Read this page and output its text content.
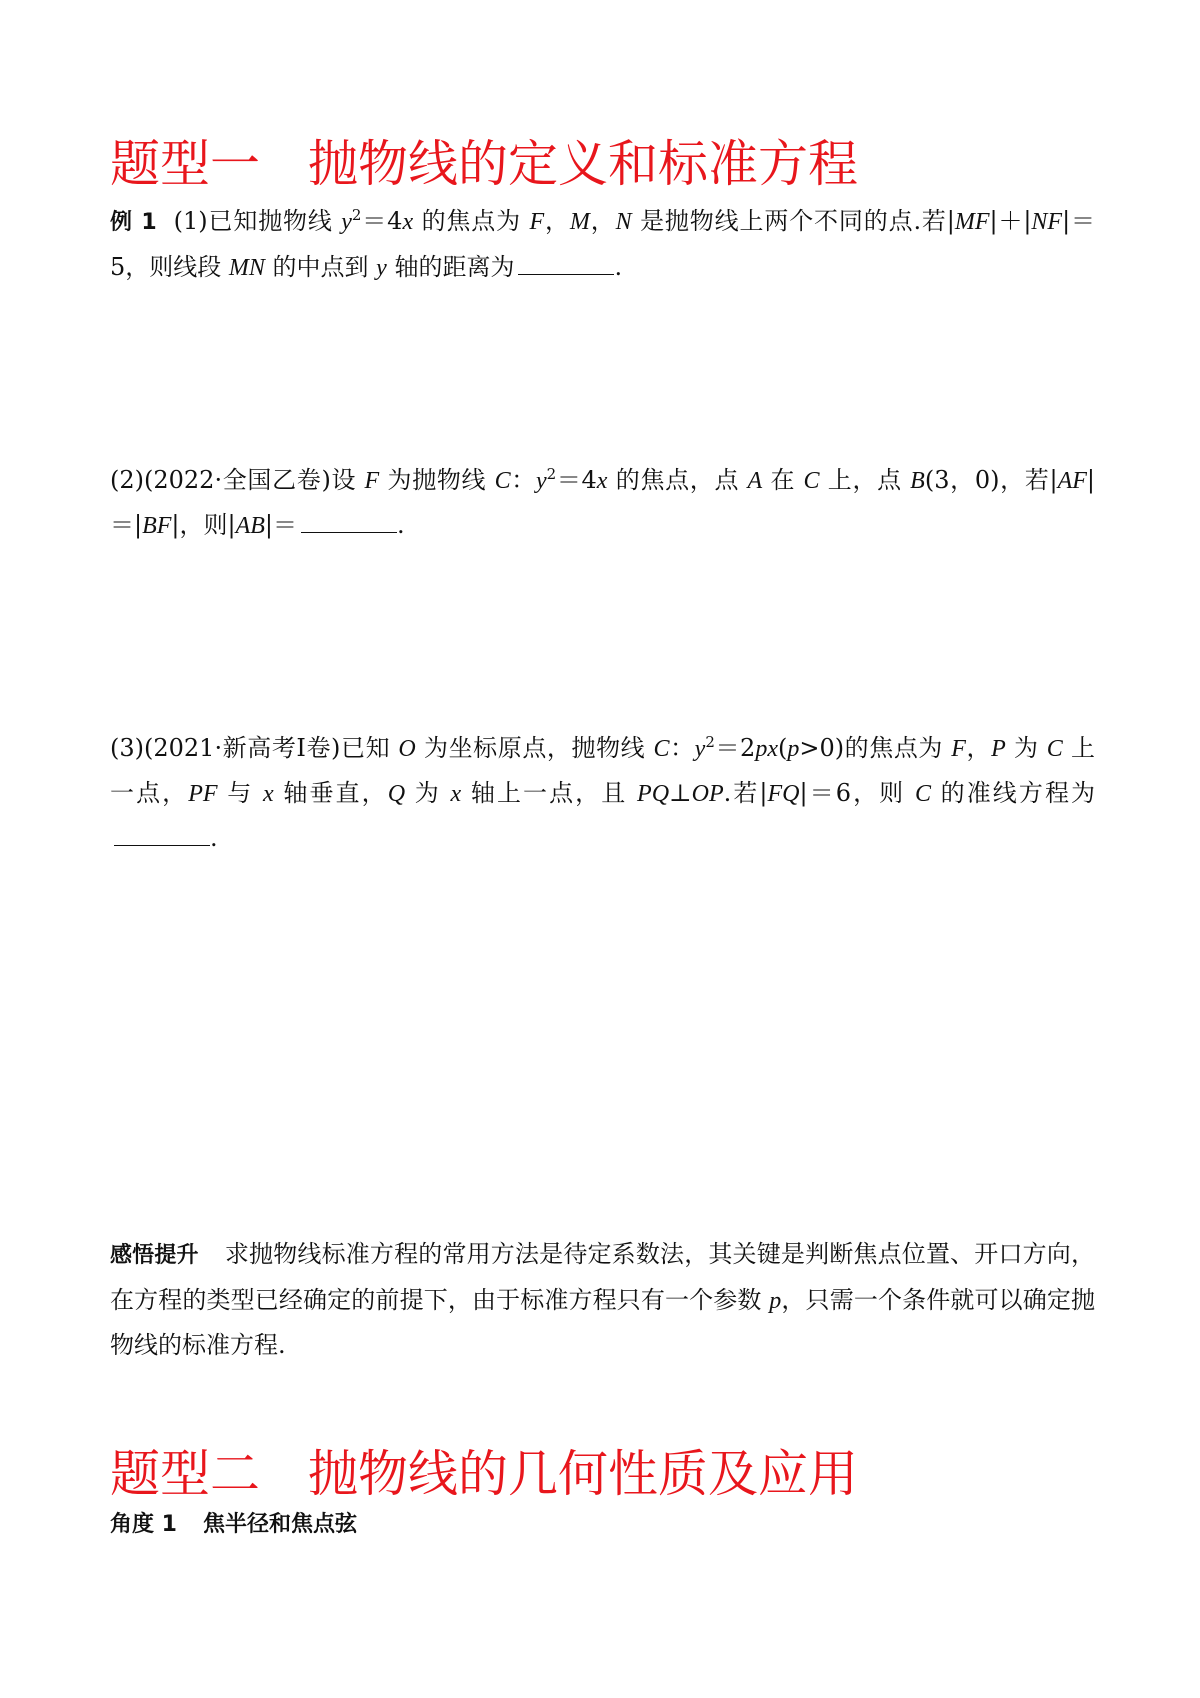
题型一 抛物线的定义和标准方程

例 1 (1)已知抛物线 $y^2=4x$ 的焦点为 F，M，N 是抛物线上两个不同的点.若|MF|＋|NF|＝5，则线段 MN 的中点到 y 轴的距离为	.

(2)(2022·全国乙卷)设 F 为抛物线 C：$y^2=4x$ 的焦点，点 A 在 C 上，点 B(3，0)，若|AF|＝|BF|，则|AB|＝	.

(3)(2021·新高考Ⅰ卷)已知 O 为坐标原点，抛物线 C：$y^2=2px(p>0)$的焦点为 F，P 为 C 上一点，PF 与 x 轴垂直，Q 为 x 轴上一点，且 PQ⊥OP.若|FQ|＝6，则 C 的准线方程为.

感悟提升 求抛物线标准方程的常用方法是待定系数法，其关键是判断焦点位置、开口方向，在方程的类型已经确定的前提下，由于标准方程只有一个参数 p，只需一个条件就可以确定抛物线的标准方程.

题型二 抛物线的几何性质及应用
角度 1 焦半径和焦点弦
